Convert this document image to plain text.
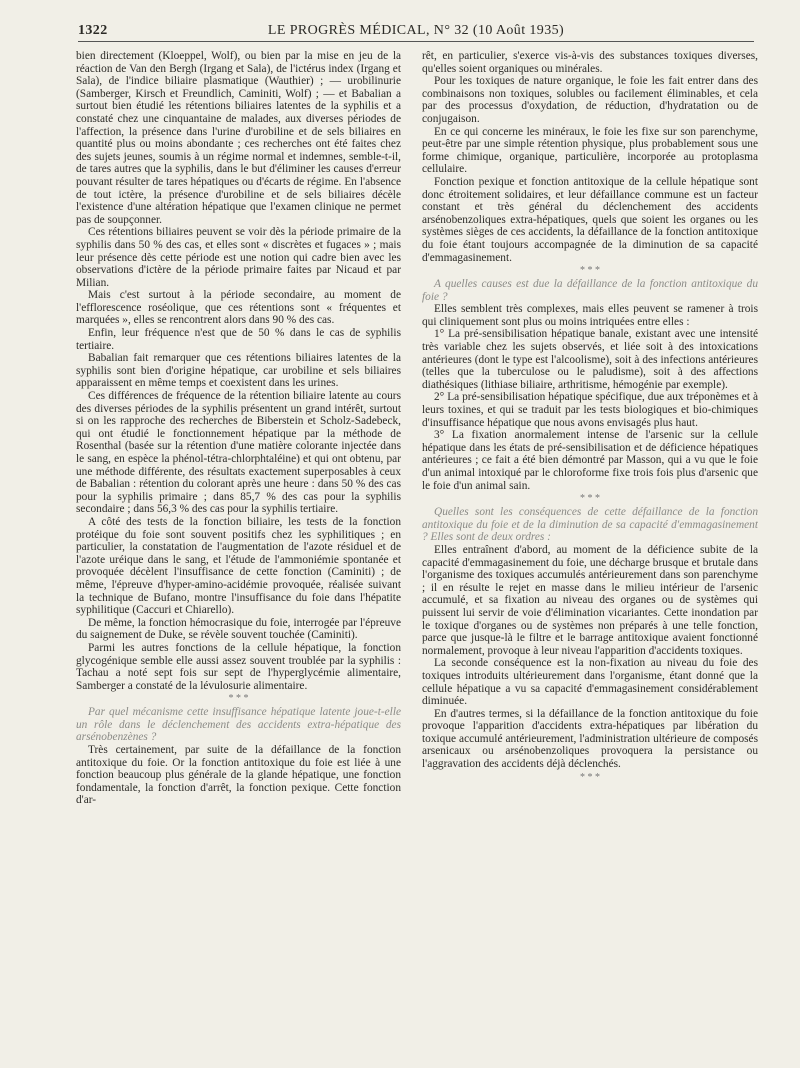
1322	LE PROGRÈS MÉDICAL, N° 32 (10 Août 1935)

bien directement (Kloeppel, Wolf), ou bien par la mise en jeu de la réaction de Van den Bergh (Irgang et Sala), de l'ictérus index (Irgang et Sala), de l'indice biliaire plasmatique (Wauthier) ; — urobilinurie (Samberger, Kirsch et Freundlich, Caminiti, Wolf) ; — et Babalian a surtout bien étudié les rétentions biliaires latentes de la syphilis et a constaté chez une cinquantaine de malades, aux diverses périodes de l'affection, la présence dans l'urine d'urobiline et de sels biliaires en quantité plus ou moins abondante ; ces recherches ont été faites chez des sujets jeunes, soumis à un régime normal et indemnes, semble-t-il, de tares autres que la syphilis, dans le but d'éliminer les causes d'erreur pouvant résulter de tares hépatiques ou d'écarts de régime. En l'absence de tout ictère, la présence d'urobiline et de sels biliaires décèle l'existence d'une altération hépatique que l'examen clinique ne permet pas de soupçonner.

Ces rétentions biliaires peuvent se voir dès la période primaire de la syphilis dans 50 % des cas, et elles sont « discrètes et fugaces » ; mais leur présence dès cette période est une notion qui cadre bien avec les observations d'ictère de la période primaire faites par Nicaud et par Milian.

Mais c'est surtout à la période secondaire, au moment de l'efflorescence roséolique, que ces rétentions sont « fréquentes et marquées », elles se rencontrent alors dans 90 % des cas.

Enfin, leur fréquence n'est que de 50 % dans le cas de syphilis tertiaire.

Babalian fait remarquer que ces rétentions biliaires latentes de la syphilis sont bien d'origine hépatique, car urobiline et sels biliaires apparaissent en même temps et coexistent dans les urines.

Ces différences de fréquence de la rétention biliaire latente au cours des diverses périodes de la syphilis présentent un grand intérêt, surtout si on les rapproche des recherches de Biberstein et Scholz-Sadebeck, qui ont étudié le fonctionnement hépatique par la méthode de Rosenthal (basée sur la rétention d'une matière colorante injectée dans le sang, en espèce la phénol-tétra-chlorphtaléine) et qui ont obtenu, par une méthode différente, des résultats exactement superposables à ceux de Babalian : rétention du colorant après une heure : dans 50 % des cas pour la syphilis primaire ; dans 85,7 % des cas pour la syphilis secondaire ; dans 56,3 % des cas pour la syphilis tertiaire.

A côté des tests de la fonction biliaire, les tests de la fonction protéique du foie sont souvent positifs chez les syphilitiques ; en particulier, la constatation de l'augmentation de l'azote résiduel et de l'azote uréique dans le sang, et l'étude de l'ammoniémie spontanée et provoquée décèlent l'insuffisance de cette fonction (Caminiti) ; de même, l'épreuve d'hyper-amino-acidémie provoquée, réalisée suivant la technique de Bufano, montre l'insuffisance du foie dans l'hépatite syphilitique (Caccuri et Chiarello).

De même, la fonction hémocrasique du foie, interrogée par l'épreuve du saignement de Duke, se révèle souvent touchée (Caminiti).

Parmi les autres fonctions de la cellule hépatique, la fonction glycogénique semble elle aussi assez souvent troublée par la syphilis : Tachau a noté sept fois sur sept de l'hyperglycémie alimentaire, Samberger a constaté de la lévulosurie alimentaire.

* * *

Par quel mécanisme cette insuffisance hépatique latente joue-t-elle un rôle dans le déclenchement des accidents extra-hépatique des arsénobenzènes ?

Très certainement, par suite de la défaillance de la fonction antitoxique du foie. Or la fonction antitoxique du foie est liée à une fonction beaucoup plus générale de la glande hépatique, une fonction fondamentale, la fonction d'arrêt, la fonction pexique. Cette fonction d'ar-

rêt, en particulier, s'exerce vis-à-vis des substances toxiques diverses, qu'elles soient organiques ou minérales.

Pour les toxiques de nature organique, le foie les fait entrer dans des combinaisons non toxiques, solubles ou facilement éliminables, et cela par des processus d'oxydation, de réduction, d'hydratation ou de conjugaison.

En ce qui concerne les minéraux, le foie les fixe sur son parenchyme, peut-être par une simple rétention physique, plus probablement sous une forme chimique, organique, particulière, incorporée au protoplasma cellulaire.

Fonction pexique et fonction antitoxique de la cellule hépatique sont donc étroitement solidaires, et leur défaillance commune est un facteur constant et très général du déclenchement des accidents arsénobenzoliques extra-hépatiques, quels que soient les organes ou les systèmes sièges de ces accidents, la défaillance de la fonction antitoxique du foie étant toujours accompagnée de la diminution de sa capacité d'emmagasinement.

* * *

A quelles causes est due la défaillance de la fonction antitoxique du foie ?

Elles semblent très complexes, mais elles peuvent se ramener à trois qui cliniquement sont plus ou moins intriquées entre elles :

1° La pré-sensibilisation hépatique banale, existant avec une intensité très variable chez les sujets observés, et liée soit à des intoxications antérieures (dont le type est l'alcoolisme), soit à des infections antérieures (telles que la tuberculose ou le paludisme), soit à des affections diathésiques (lithiase biliaire, arthritisme, hémogénie par exemple).

2° La pré-sensibilisation hépatique spécifique, due aux tréponèmes et à leurs toxines, et qui se traduit par les tests biologiques et bio-chimiques d'insuffisance hépatique que nous avons envisagés plus haut.

3° La fixation anormalement intense de l'arsenic sur la cellule hépatique dans les états de pré-sensibilisation et de déficience hépatiques antérieures ; ce fait a été bien démontré par Masson, qui a vu que le foie d'un animal intoxiqué par le chloroforme fixe trois fois plus d'arsenic que le foie d'un animal sain.

* * *

Quelles sont les conséquences de cette défaillance de la fonction antitoxique du foie et de la diminution de sa capacité d'emmagasinement ? Elles sont de deux ordres :

Elles entraînent d'abord, au moment de la déficience subite de la capacité d'emmagasinement du foie, une décharge brusque et brutale dans l'organisme des toxiques accumulés antérieurement dans son parenchyme ; il en résulte le rejet en masse dans le milieu intérieur de l'arsenic accumulé, et sa fixation au niveau des organes ou de systèmes qui puissent lui servir de voie d'élimination vicariantes. Cette inondation par le toxique d'organes ou de systèmes non préparés à une telle fonction, parce que jusque-là le filtre et le barrage antitoxique avaient fonctionné normalement, provoque à leur niveau l'apparition d'accidents toxiques.

La seconde conséquence est la non-fixation au niveau du foie des toxiques introduits ultérieurement dans l'organisme, étant donné que la cellule hépatique a vu sa capacité d'emmagasinement considérablement diminuée.

En d'autres termes, si la défaillance de la fonction antitoxique du foie provoque l'apparition d'accidents extra-hépatiques par libération du toxique accumulé antérieurement, l'administration ultérieure de composés arsenicaux ou arsénobenzoliques provoquera la persistance ou l'aggravation des accidents déjà déclenchés.

* * *
